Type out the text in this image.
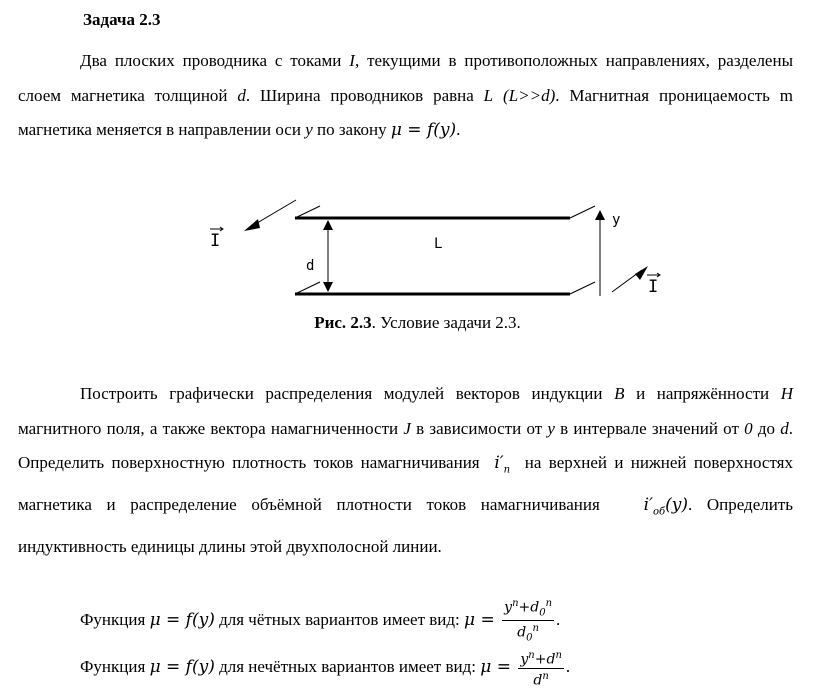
Задача 2.3
Два плоских проводника с токами I, текущими в противоположных направлениях, разделены слоем магнетика толщиной d. Ширина проводников равна L (L>>d). Магнитная проницаемость m магнетика меняется в направлении оси y по закону μ = f(y).
I
d
L
y
I
Рис. 2.3. Условие задачи 2.3.
Построить графически распределения модулей векторов индукции B и напряжённости H магнитного поля, а также вектора намагниченности J в зависимости от y в интервале значений от 0 до d. Определить поверхностную плотность токов намагничивания  $i'_п$  на верхней и нижней поверхностях магнетика и распределение объёмной плотности токов намагничивания   $i'_{об}(y)$. Определить индуктивность единицы длины этой двухполосной линии.
Функция μ = f(y) для чётных вариантов имеет вид: $\mu = \frac{y^n+d_0^n}{d_0^n}$ .
Функция μ = f(y) для нечётных вариантов имеет вид: $\mu = \frac{y^n+d^n}{d^n}$ .
